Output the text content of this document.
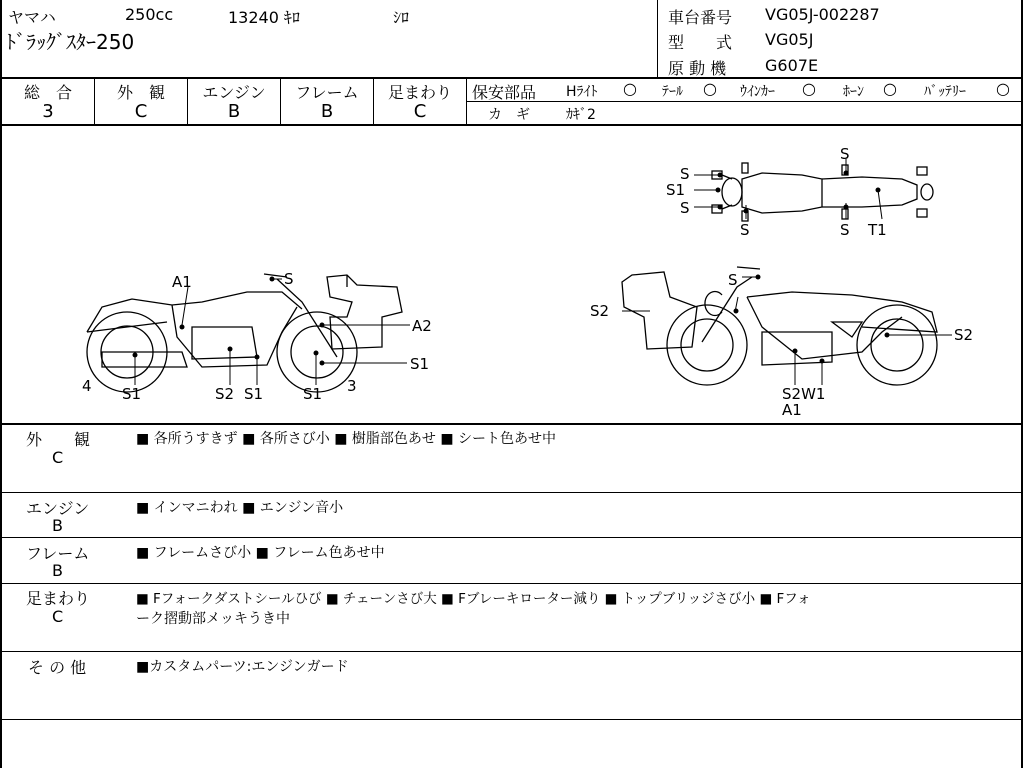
ヤマハ	250cc	13240 ｷﾛ	ｼﾛ
ﾄﾞﾗｯｸﾞｽﾀｰ250
車台番号 VG05J-002287
型　　式 VG05J
原 動 機 G607E
総　合
3
外　観
C
エンジン
B
フレーム
B
足まわり
C
保安部品 Hﾗｲﾄ ○ ﾃｰﾙ ○ ｳｲﾝｶｰ ○ ﾎｰﾝ ○ ﾊﾞｯﾃﾘｰ ○
カ　ギ	ｶｷﾞ2
S
S1
S
S
S
S T1
A1	S
A2
S1
4 S1	S2 S1	S1 3
S
S2
S2
S2W1
A1
外　　観
C
■ 各所うすきず ■ 各所さび小 ■ 樹脂部色あせ ■ シート色あせ中
エンジン
B
■ インマニわれ ■ エンジン音小
フレーム
B
■ フレームさび小 ■ フレーム色あせ中
足まわり
C
■ Fフォークダストシールひび ■ チェーンさび大 ■ Fブレーキローター減り ■ トップブリッジさび小 ■ Fフォ
ーク摺動部メッキうき中
そ の 他	■カスタムパーツ:エンジンガード
